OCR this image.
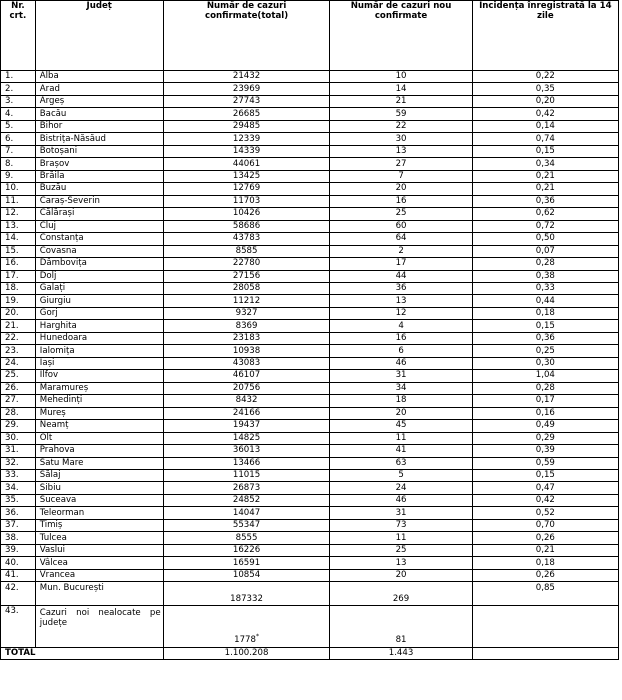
Nr. crt.	Județ	Număr de cazuri confirmate(total)	Număr de cazuri nou confirmate	Incidența înregistrată la 14 zile
1.	Alba	21432	10	0,22
2.	Arad	23969	14	0,35
3.	Argeș	27743	21	0,20
4.	Bacău	26685	59	0,42
5.	Bihor	29485	22	0,14
6.	Bistrița-Năsăud	12339	30	0,74
7.	Botoșani	14339	13	0,15
8.	Brașov	44061	27	0,34
9.	Brăila	13425	7	0,21
10.	Buzău	12769	20	0,21
11.	Caraș-Severin	11703	16	0,36
12.	Călărași	10426	25	0,62
13.	Cluj	58686	60	0,72
14.	Constanța	43783	64	0,50
15.	Covasna	8585	2	0,07
16.	Dâmbovița	22780	17	0,28
17.	Dolj	27156	44	0,38
18.	Galați	28058	36	0,33
19.	Giurgiu	11212	13	0,44
20.	Gorj	9327	12	0,18
21.	Harghita	8369	4	0,15
22.	Hunedoara	23183	16	0,36
23.	Ialomița	10938	6	0,25
24.	Iași	43083	46	0,30
25.	Ilfov	46107	31	1,04
26.	Maramureș	20756	34	0,28
27.	Mehedinți	8432	18	0,17
28.	Mureș	24166	20	0,16
29.	Neamț	19437	45	0,49
30.	Olt	14825	11	0,29
31.	Prahova	36013	41	0,39
32.	Satu Mare	13466	63	0,59
33.	Sălaj	11015	5	0,15
34.	Sibiu	26873	24	0,47
35.	Suceava	24852	46	0,42
36.	Teleorman	14047	31	0,52
37.	Timiș	55347	73	0,70
38.	Tulcea	8555	11	0,26
39.	Vaslui	16226	25	0,21
40.	Vâlcea	16591	13	0,18
41.	Vrancea	10854	20	0,26
42.	Mun. București	187332	269	0,85
43.	Cazuri noi nealocate pe județe	1778*	81	
TOTAL		1.100.208	1.443	
